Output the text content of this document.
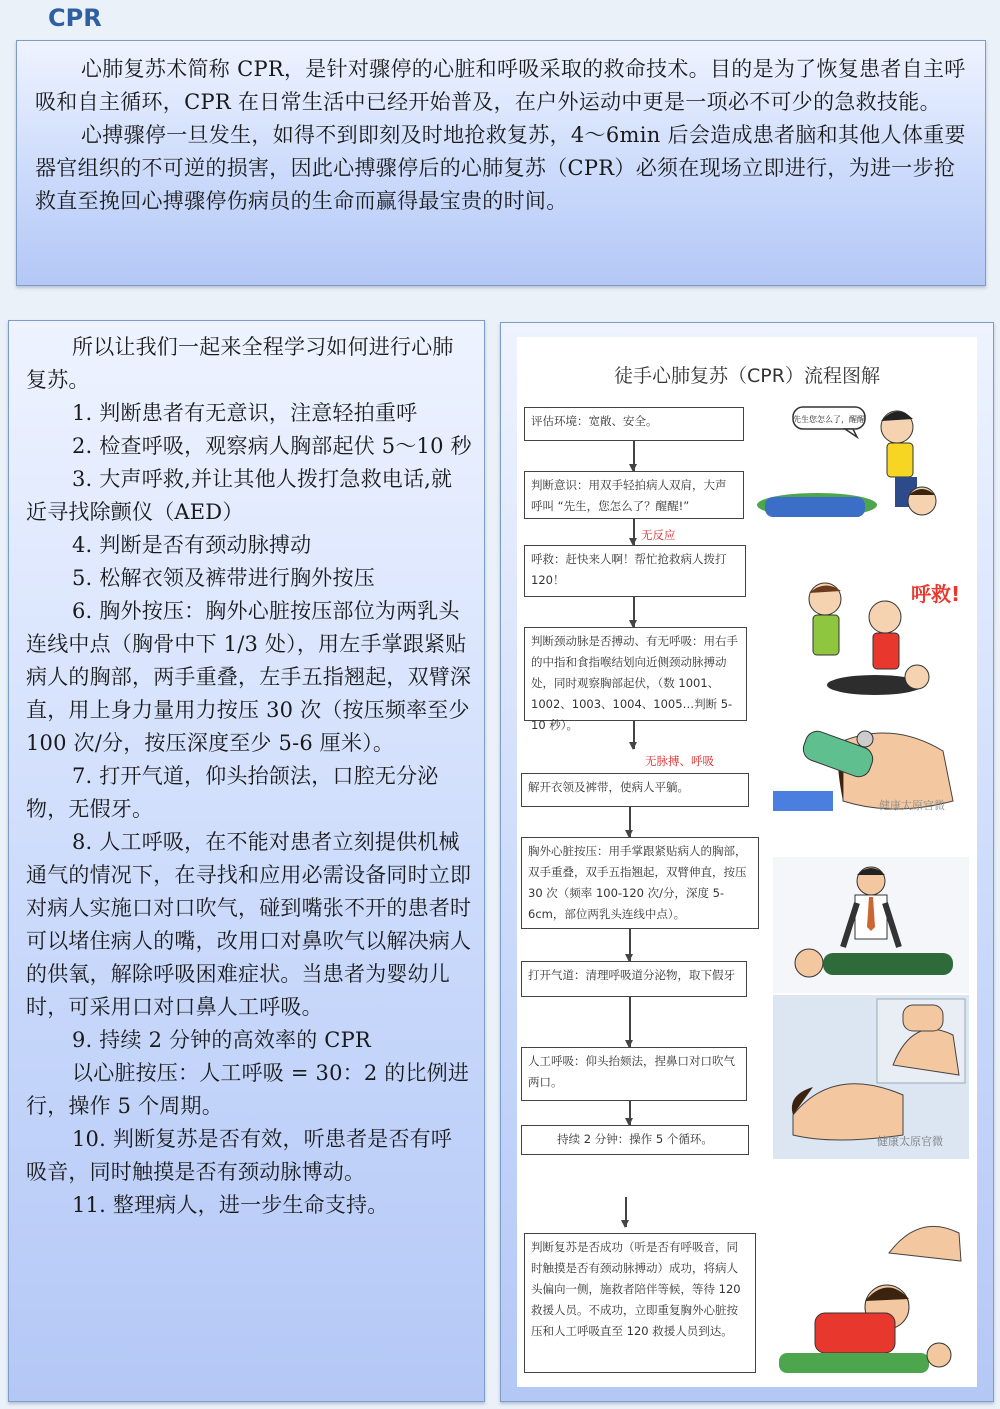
CPR

心肺复苏术简称 CPR，是针对骤停的心脏和呼吸采取的救命技术。目的是为了恢复患者自主呼吸和自主循环，CPR 在日常生活中已经开始普及，在户外运动中更是一项必不可少的急救技能。

心搏骤停一旦发生，如得不到即刻及时地抢救复苏，4～6min 后会造成患者脑和其他人体重要器官组织的不可逆的损害，因此心搏骤停后的心肺复苏（CPR）必须在现场立即进行，为进一步抢救直至挽回心搏骤停伤病员的生命而赢得最宝贵的时间。

所以让我们一起来全程学习如何进行心肺复苏。

1. 判断患者有无意识，注意轻拍重呼

2. 检查呼吸，观察病人胸部起伏 5～10 秒

3. 大声呼救,并让其他人拨打急救电话,就近寻找除颤仪（AED）

4. 判断是否有颈动脉搏动

5. 松解衣领及裤带进行胸外按压

6. 胸外按压：胸外心脏按压部位为两乳头连线中点（胸骨中下 1/3 处），用左手掌跟紧贴病人的胸部，两手重叠，左手五指翘起，双臂深直，用上身力量用力按压 30 次（按压频率至少 100 次/分，按压深度至少 5-6 厘米）。

7. 打开气道，仰头抬颌法，口腔无分泌物，无假牙。

8. 人工呼吸，在不能对患者立刻提供机械通气的情况下，在寻找和应用必需设备同时立即对病人实施口对口吹气，碰到嘴张不开的患者时可以堵住病人的嘴，改用口对鼻吹气以解决病人的供氧，解除呼吸困难症状。当患者为婴幼儿时，可采用口对口鼻人工呼吸。

9. 持续 2 分钟的高效率的 CPR

以心脏按压：人工呼吸 = 30：2 的比例进行，操作 5 个周期。

10. 判断复苏是否有效，听患者是否有呼吸音，同时触摸是否有颈动脉博动。

11. 整理病人，进一步生命支持。

徒手心肺复苏（CPR）流程图解
评估环境：宽敞、安全。
判断意识：用双手轻拍病人双肩，大声呼叫 “先生，您怎么了？醒醒!”
无反应
呼救：赶快来人啊！帮忙抢救病人拨打 120！
判断颈动脉是否搏动、有无呼吸：用右手的中指和食指喉结划向近侧颈动脉搏动处，同时观察胸部起伏，（数 1001、1002、1003、1004、1005…判断 5-10 秒）。
无脉搏、呼吸
解开衣领及裤带，使病人平躺。
胸外心脏按压：用手掌跟紧贴病人的胸部，双手重叠，双手五指翘起，双臂伸直，按压 30 次（频率 100-120 次/分，深度 5-6cm，部位两乳头连线中点）。
打开气道：清理呼吸道分泌物，取下假牙
人工呼吸：仰头抬颏法，捏鼻口对口吹气两口。
持续 2 分钟：操作 5 个循环。
判断复苏是否成功（听是否有呼吸音，同时触摸是否有颈动脉搏动）成功，将病人头偏向一侧，施救者陪伴等候，等待 120 救援人员。不成功，立即重复胸外心脏按压和人工呼吸直至 120 救援人员到达。
先生您怎么了，醒醒
呼救!
健康太原官微
健康太原官微
